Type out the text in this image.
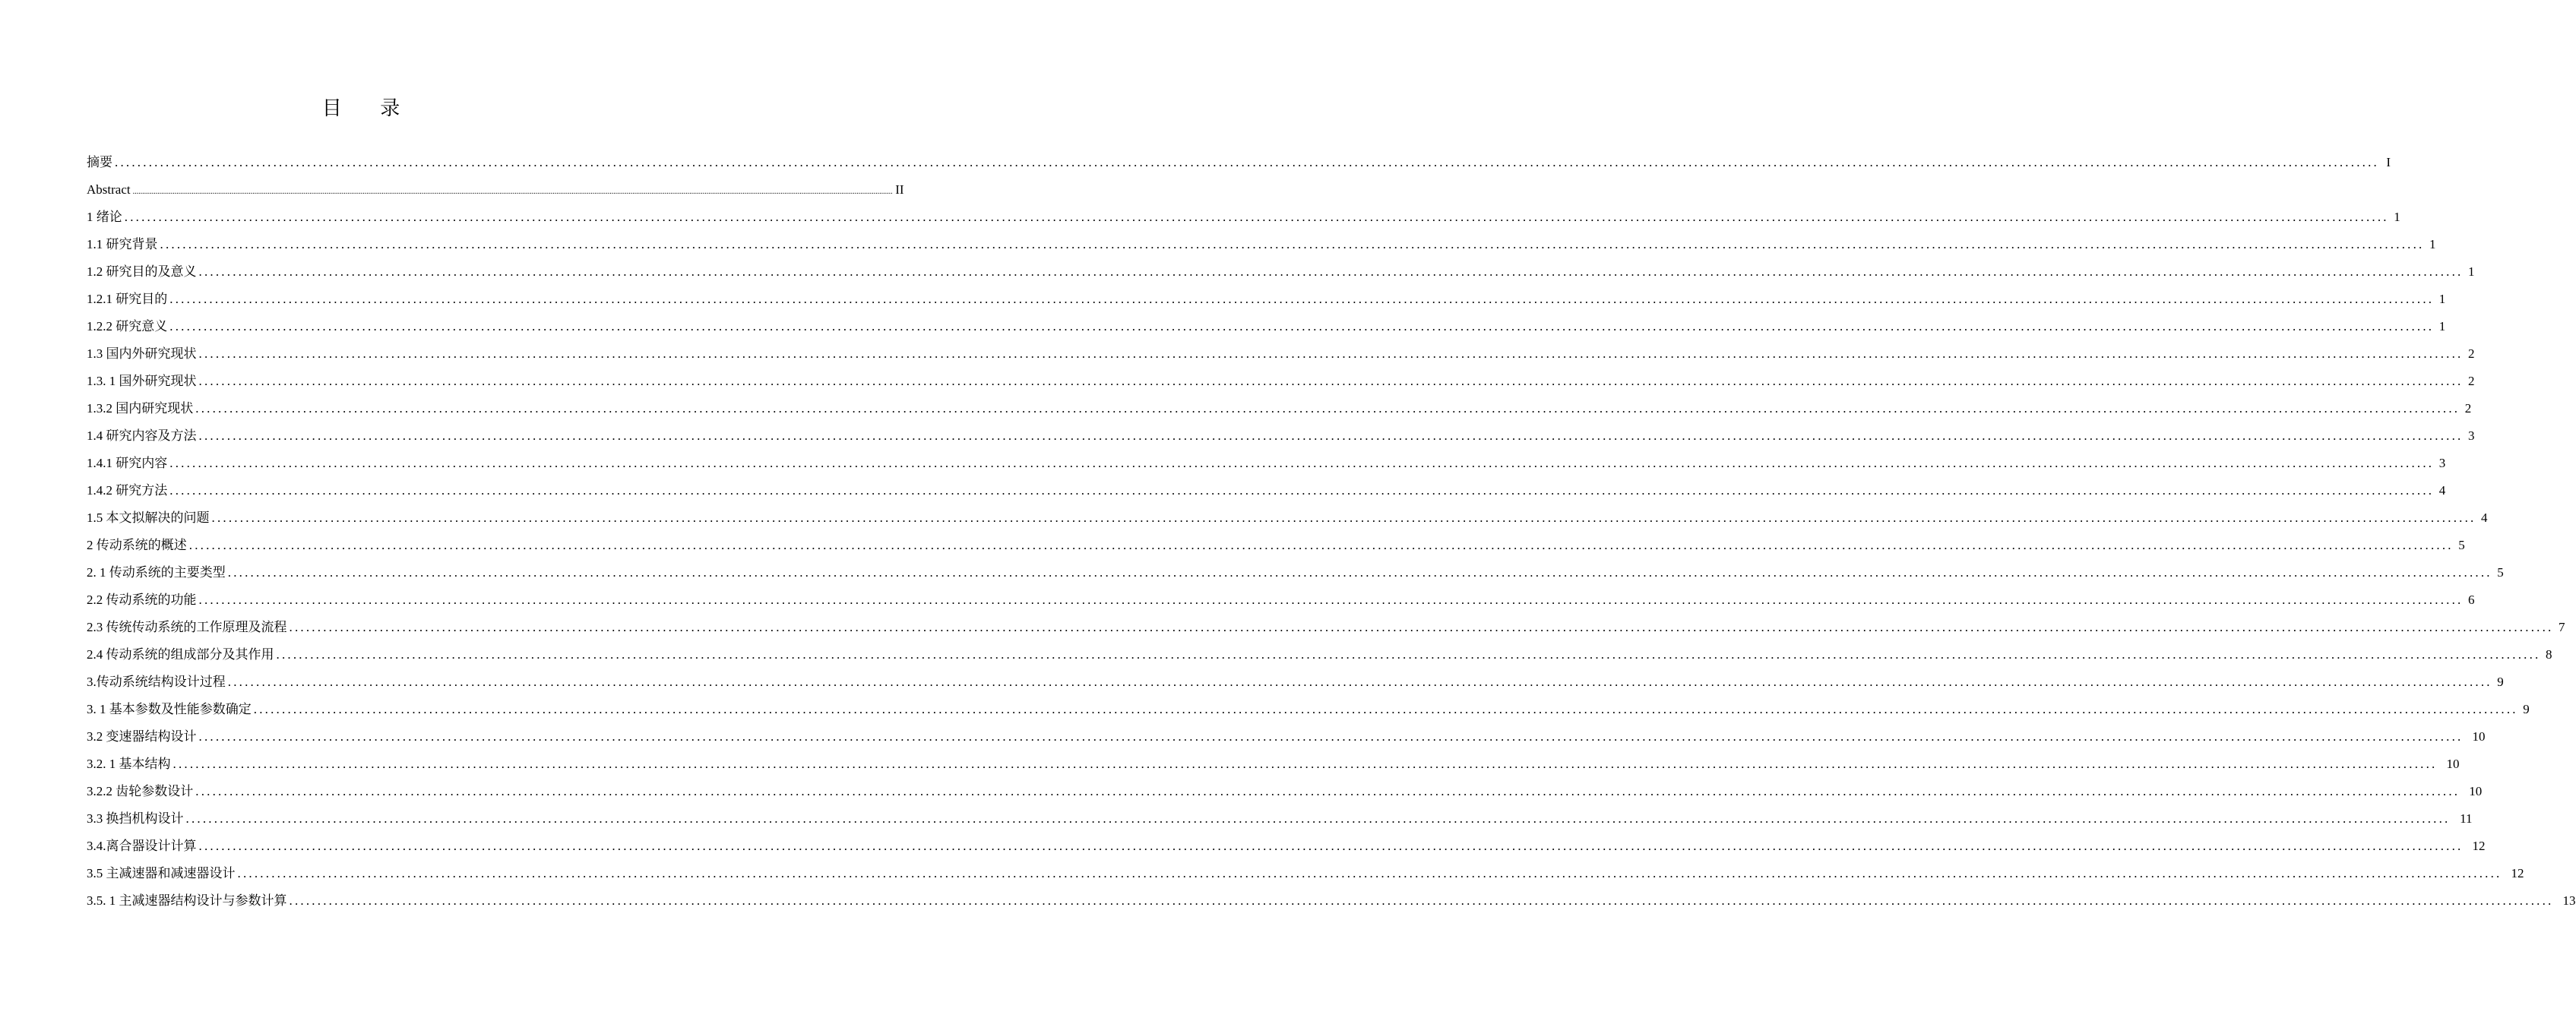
目 录
摘要 ................................................................................................................................................................................................................................................................................................................................................................................................................ I
Abstract ................................................................................................................................................................................................................................................................................................................................................................................................................ II
1 绪论 ................................................................................................................................................................................................................................................................................................................................................................................................................ 1
1.1 研究背景 ................................................................................................................................................................................................................................................................................................................................................................................................................ 1
1.2 研究目的及意义 ................................................................................................................................................................................................................................................................................................................................................................................................................ 1
1.2.1 研究目的 ................................................................................................................................................................................................................................................................................................................................................................................................................ 1
1.2.2 研究意义 ................................................................................................................................................................................................................................................................................................................................................................................................................ 1
1.3 国内外研究现状 ................................................................................................................................................................................................................................................................................................................................................................................................................ 2
1.3. 1 国外研究现状 ................................................................................................................................................................................................................................................................................................................................................................................................................ 2
1.3.2 国内研究现状 ................................................................................................................................................................................................................................................................................................................................................................................................................ 2
1.4 研究内容及方法 ................................................................................................................................................................................................................................................................................................................................................................................................................ 3
1.4.1 研究内容 ................................................................................................................................................................................................................................................................................................................................................................................................................ 3
1.4.2 研究方法 ................................................................................................................................................................................................................................................................................................................................................................................................................ 4
1.5 本文拟解决的问题 ................................................................................................................................................................................................................................................................................................................................................................................................................ 4
2 传动系统的概述 ................................................................................................................................................................................................................................................................................................................................................................................................................ 5
2. 1 传动系统的主要类型 ................................................................................................................................................................................................................................................................................................................................................................................................................ 5
2.2 传动系统的功能 ................................................................................................................................................................................................................................................................................................................................................................................................................ 6
2.3 传统传动系统的工作原理及流程 ................................................................................................................................................................................................................................................................................................................................................................................................................ 7
2.4 传动系统的组成部分及其作用 ................................................................................................................................................................................................................................................................................................................................................................................................................ 8
3.传动系统结构设计过程 ................................................................................................................................................................................................................................................................................................................................................................................................................ 9
3. 1 基本参数及性能参数确定 ................................................................................................................................................................................................................................................................................................................................................................................................................ 9
3.2 变速器结构设计 ................................................................................................................................................................................................................................................................................................................................................................................................................ 10
3.2. 1 基本结构 ................................................................................................................................................................................................................................................................................................................................................................................................................ 10
3.2.2 齿轮参数设计 ................................................................................................................................................................................................................................................................................................................................................................................................................ 10
3.3 换挡机构设计 ................................................................................................................................................................................................................................................................................................................................................................................................................ 11
3.4.离合器设计计算 ................................................................................................................................................................................................................................................................................................................................................................................................................ 12
3.5 主减速器和减速器设计 ................................................................................................................................................................................................................................................................................................................................................................................................................ 12
3.5. 1 主减速器结构设计与参数计算 ................................................................................................................................................................................................................................................................................................................................................................................................................ 13
